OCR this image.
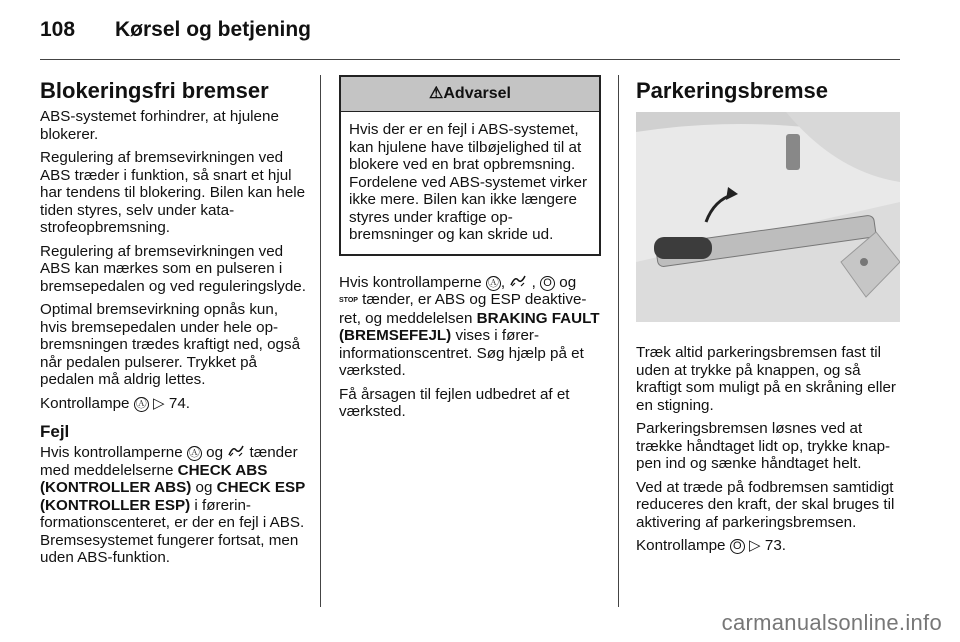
108 Kørsel og betjening
Blokeringsfri bremser

ABS-systemet forhindrer, at hjulene blokerer.

Regulering af bremsevirkningen ved ABS træder i funktion, så snart et hjul har tendens til blokering. Bilen kan hele tiden styres, selv under katastrofeopbremsning.

Regulering af bremsevirkningen ved ABS kan mærkes som en pulseren i bremsepedalen og ved reguleringslyde.

Optimal bremsevirkning opnås kun, hvis bremsepedalen under hele opbremsningen trædes kraftigt ned, også når pedalen pulserer. Trykket på pedalen må aldrig lettes.

Kontrollampe Ⓐ ▷ 74.

Fejl

Hvis kontrollamperne Ⓐ og tænder med meddelelserne CHECK ABS (KONTROLLER ABS) og CHECK ESP (KONTROLLER ESP) i førerinformationscenteret, er der en fejl i ABS. Bremsesystemet fungerer fortsat, men uden ABS-funktion.

⚠Advarsel
Hvis der er en fejl i ABS-systemet, kan hjulene have tilbøjelighed til at blokere ved en brat opbremsning. Fordelene ved ABS-systemet virker ikke mere. Bilen kan ikke længere styres under kraftige opbremsninger og kan skride ud.

Hvis kontrollamperne Ⓐ ,  , O og
STOP tænder, er ABS og ESP deaktiveret, og meddelelsen BRAKING FAULT (BREMSEFEJL) vises i førerinformationscentret. Søg hjælp på et værksted.

Få årsagen til fejlen udbedret af et værksted.

Parkeringsbremse

Træk altid parkeringsbremsen fast til uden at trykke på knappen, og så kraftigt som muligt på en skråning eller en stigning.

Parkeringsbremsen løsnes ved at trække håndtaget lidt op, trykke knappen ind og sænke håndtaget helt.

Ved at træde på fodbremsen samtidigt reduceres den kraft, der skal bruges til aktivering af parkeringsbremsen.

Kontrollampe O ▷ 73.

carmanualsonline.info
